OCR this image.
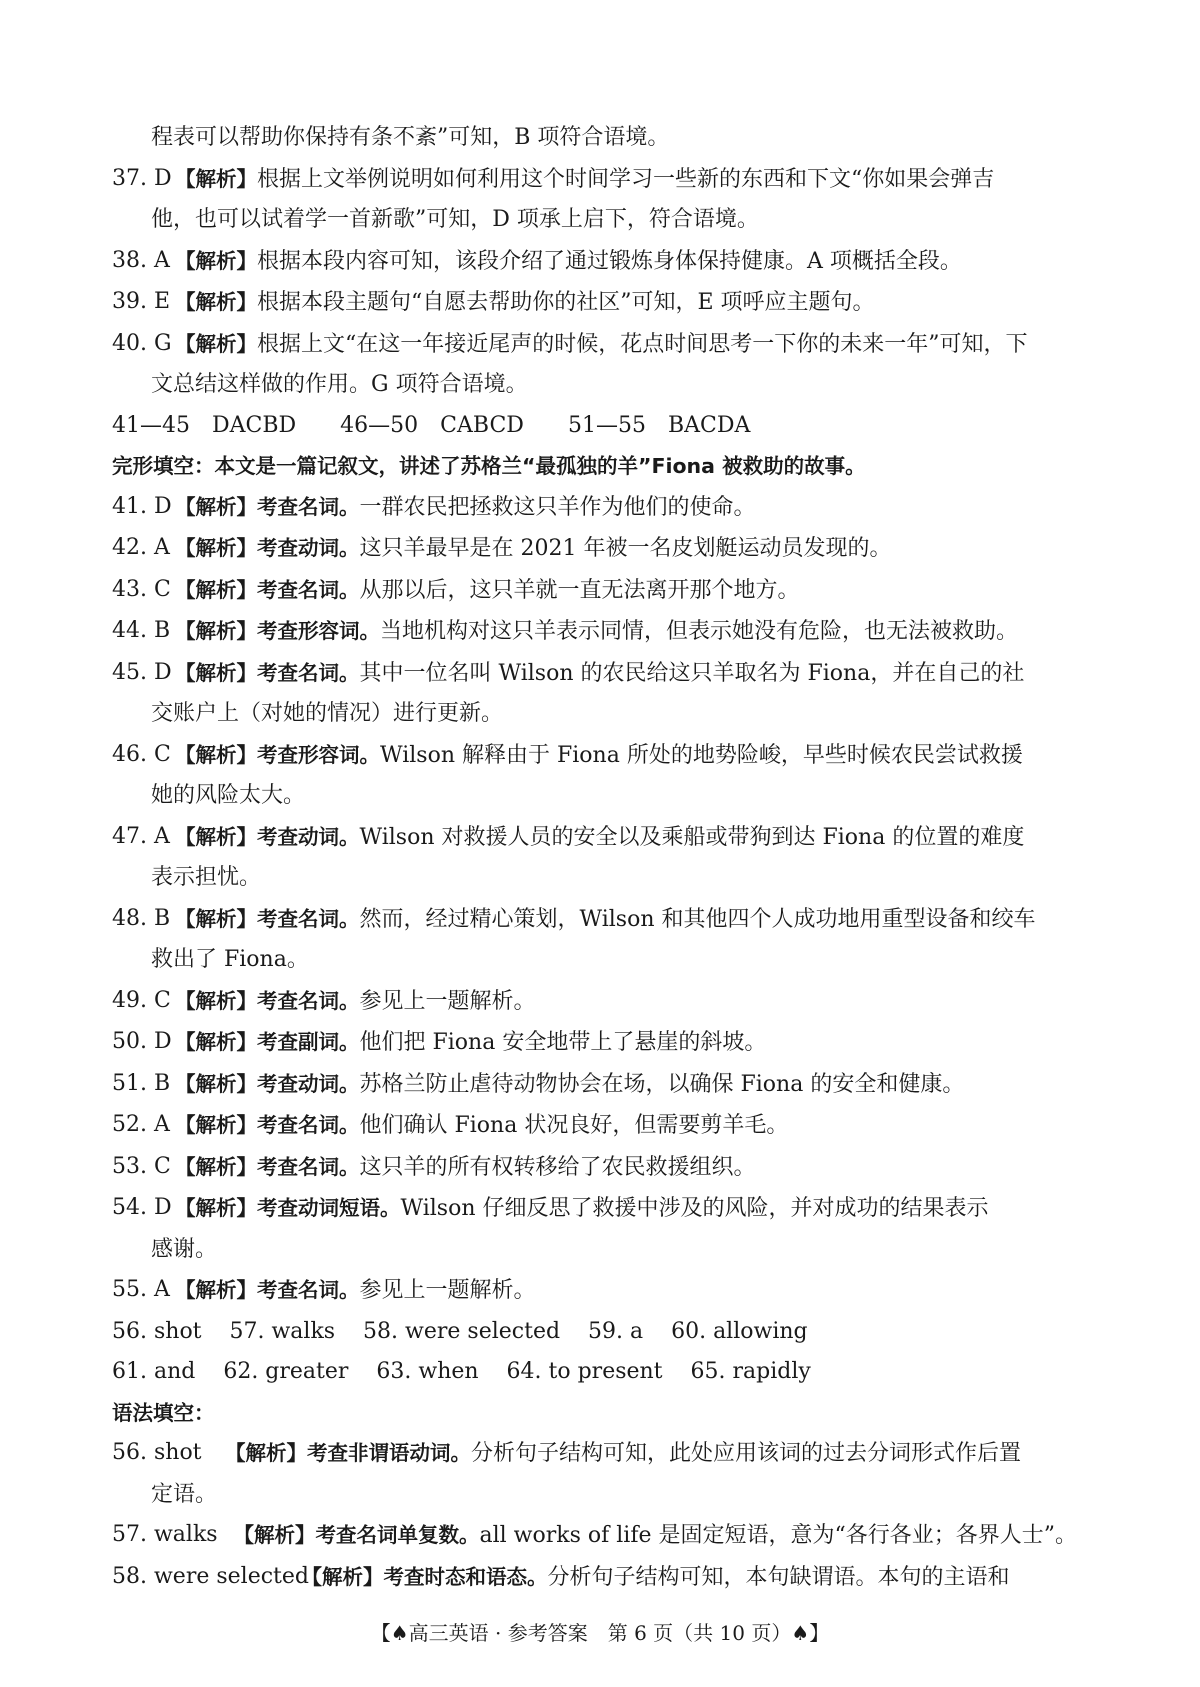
程表可以帮助你保持有条不紊”可知，B 项符合语境。
37. D 【解析】根据上文举例说明如何利用这个时间学习一些新的东西和下文“你如果会弹吉
他，也可以试着学一首新歌”可知，D 项承上启下，符合语境。
38. A 【解析】根据本段内容可知，该段介绍了通过锻炼身体保持健康。A 项概括全段。
39. E 【解析】根据本段主题句“自愿去帮助你的社区”可知，E 项呼应主题句。
40. G 【解析】根据上文“在这一年接近尾声的时候，花点时间思考一下你的未来一年”可知，下
文总结这样做的作用。G 项符合语境。
41—45 DACBD 46—50 CABCD 51—55 BACDA
完形填空：本文是一篇记叙文，讲述了苏格兰“最孤独的羊”Fiona 被救助的故事。
41. D 【解析】考查名词。一群农民把拯救这只羊作为他们的使命。
42. A 【解析】考查动词。这只羊最早是在 2021 年被一名皮划艇运动员发现的。
43. C 【解析】考查名词。从那以后，这只羊就一直无法离开那个地方。
44. B 【解析】考查形容词。当地机构对这只羊表示同情，但表示她没有危险，也无法被救助。
45. D 【解析】考查名词。其中一位名叫 Wilson 的农民给这只羊取名为 Fiona，并在自己的社
交账户上（对她的情况）进行更新。
46. C 【解析】考查形容词。Wilson 解释由于 Fiona 所处的地势险峻，早些时候农民尝试救援
她的风险太大。
47. A 【解析】考查动词。Wilson 对救援人员的安全以及乘船或带狗到达 Fiona 的位置的难度
表示担忧。
48. B 【解析】考查名词。然而，经过精心策划，Wilson 和其他四个人成功地用重型设备和绞车
救出了 Fiona。
49. C 【解析】考查名词。参见上一题解析。
50. D 【解析】考查副词。他们把 Fiona 安全地带上了悬崖的斜坡。
51. B 【解析】考查动词。苏格兰防止虐待动物协会在场，以确保 Fiona 的安全和健康。
52. A 【解析】考查名词。他们确认 Fiona 状况良好，但需要剪羊毛。
53. C 【解析】考查名词。这只羊的所有权转移给了农民救援组织。
54. D 【解析】考查动词短语。Wilson 仔细反思了救援中涉及的风险，并对成功的结果表示
感谢。
55. A 【解析】考查名词。参见上一题解析。
56. shot    57. walks    58. were selected    59. a    60. allowing
61. and    62. greater    63. when    64. to present    65. rapidly
语法填空：
56. shot 【解析】考查非谓语动词。分析句子结构可知，此处应用该词的过去分词形式作后置
定语。
57. walks 【解析】考查名词单复数。all works of life 是固定短语，意为“各行各业；各界人士”。
58. were selected
【解析】考查时态和语态。分析句子结构可知，本句缺谓语。本句的主语和
【♠高三英语 · 参考答案　第 6 页（共 10 页）♠】
